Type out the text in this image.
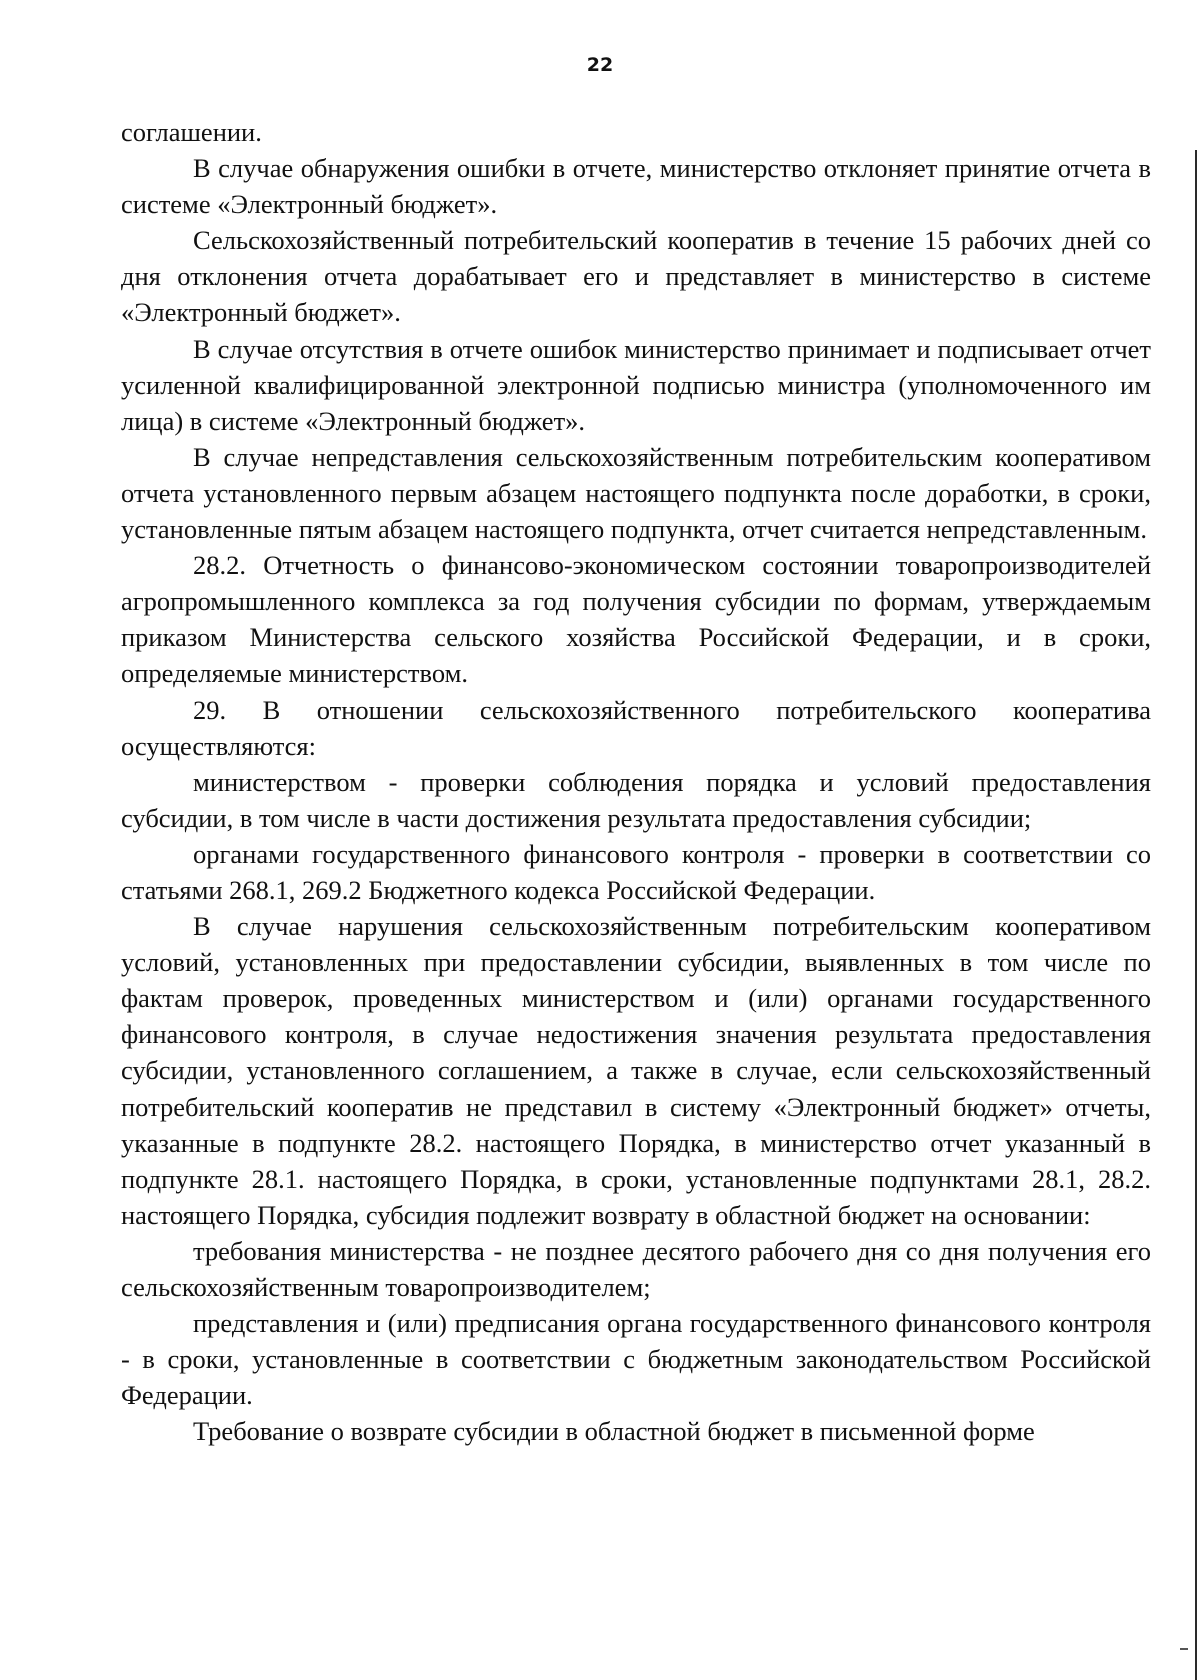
22

соглашении.

В случае обнаружения ошибки в отчете, министерство отклоняет принятие отчета в системе «Электронный бюджет».

Сельскохозяйственный потребительский кооператив в течение 15 рабочих дней со дня отклонения отчета дорабатывает его и представляет в министерство в системе «Электронный бюджет».

В случае отсутствия в отчете ошибок министерство принимает и подписывает отчет усиленной квалифицированной электронной подписью министра (уполномоченного им лица) в системе «Электронный бюджет».

В случае непредставления сельскохозяйственным потребительским кооперативом отчета установленного первым абзацем настоящего подпункта после доработки, в сроки, установленные пятым абзацем настоящего подпункта, отчет считается непредставленным.

28.2. Отчетность о финансово-экономическом состоянии товаропроизводителей агропромышленного комплекса за год получения субсидии по формам, утверждаемым приказом Министерства сельского хозяйства Российской Федерации, и в сроки, определяемые министерством.

29. В отношении сельскохозяйственного потребительского кооператива осуществляются:

министерством - проверки соблюдения порядка и условий предоставления субсидии, в том числе в части достижения результата предоставления субсидии;

органами государственного финансового контроля - проверки в соответствии со статьями 268.1, 269.2 Бюджетного кодекса Российской Федерации.

В случае нарушения сельскохозяйственным потребительским кооперативом условий, установленных при предоставлении субсидии, выявленных в том числе по фактам проверок, проведенных министерством и (или) органами государственного финансового контроля, в случае недостижения значения результата предоставления субсидии, установленного соглашением, а также в случае, если сельскохозяйственный потребительский кооператив не представил в систему «Электронный бюджет» отчеты, указанные в подпункте 28.2. настоящего Порядка, в министерство отчет указанный в подпункте 28.1. настоящего Порядка, в сроки, установленные подпунктами 28.1, 28.2. настоящего Порядка, субсидия подлежит возврату в областной бюджет на основании:

требования министерства - не позднее десятого рабочего дня со дня получения его сельскохозяйственным товаропроизводителем;

представления и (или) предписания органа государственного финансового контроля - в сроки, установленные в соответствии с бюджетным законодательством Российской Федерации.

Требование о возврате субсидии в областной бюджет в письменной форме
